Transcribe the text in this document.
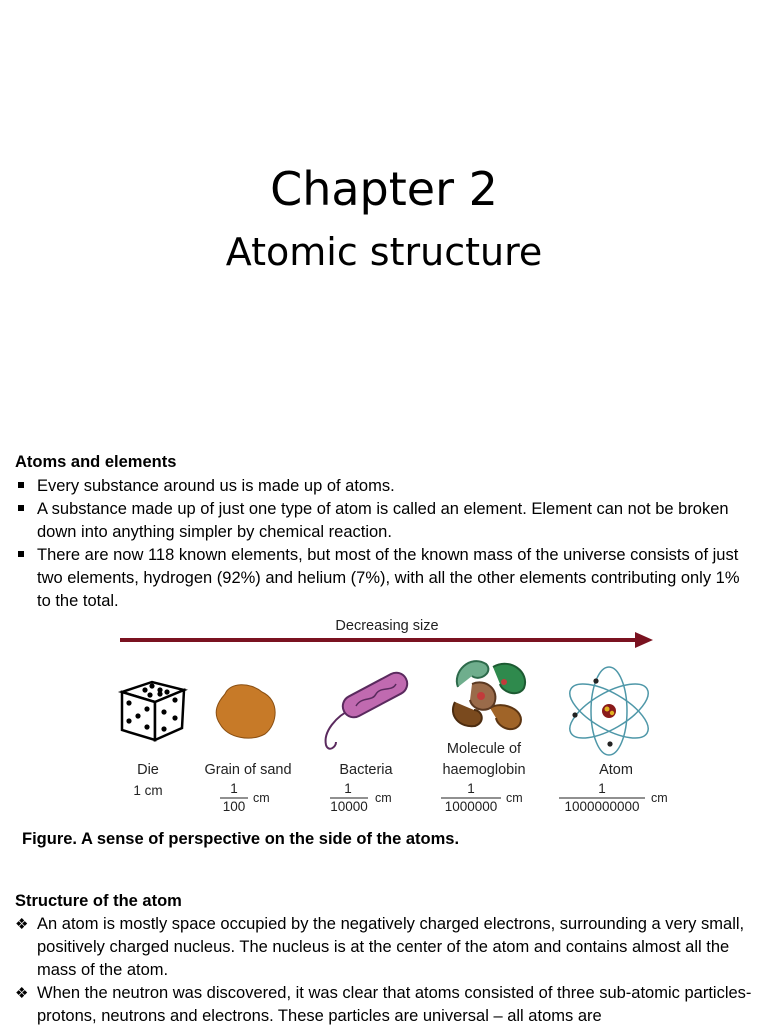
Chapter 2
Atomic structure
Atoms and elements
Every substance around us is made up of atoms.
A substance made up of just one type of atom is called an element. Element can not be broken down into anything simpler by chemical reaction.
There are now 118 known elements, but most of the known mass of the universe consists of just two elements, hydrogen (92%) and helium (7%), with all the other elements contributing only 1% to the total.
Decreasing size
Die
1 cm
Grain of sand
1
100
cm
Bacteria
1
10000
cm
Molecule of
haemoglobin
1
1000000
cm
Atom
1
1000000000
cm
Figure. A sense of perspective on the side of the atoms.
Structure of the atom
❖ An atom is mostly space occupied by the negatively charged electrons, surrounding a very small, positively charged nucleus. The nucleus is at the center of the atom and contains almost all the mass of the atom.
❖ When the neutron was discovered, it was clear that atoms consisted of three sub-atomic particles- protons, neutrons and electrons. These particles are universal – all atoms are
